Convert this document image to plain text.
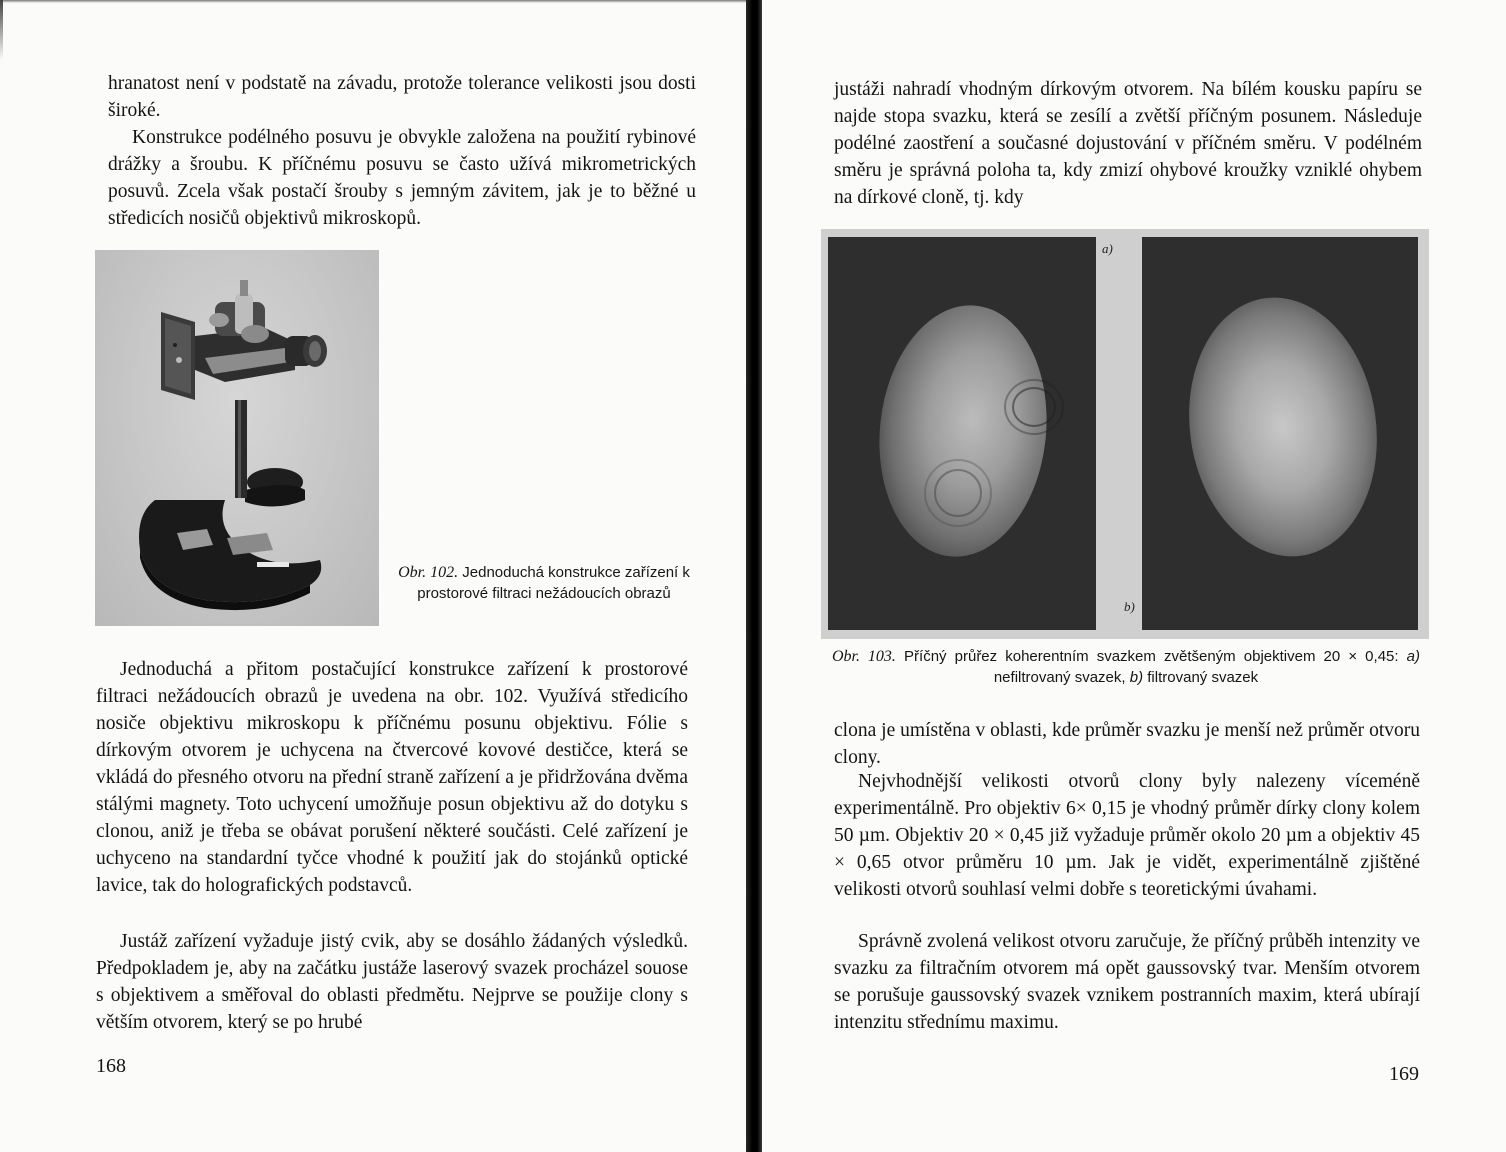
hranatost není v podstatě na závadu, protože tolerance velikosti jsou dosti široké.

Konstrukce podélného posuvu je obvykle založena na použití rybinové drážky a šroubu. K příčnému posuvu se často užívá mikrometrických posuvů. Zcela však postačí šrouby s jemným závitem, jak je to běžné u středicích nosičů objektivů mikroskopů.

Obr. 102. Jednoduchá konstrukce zařízení k prostorové filtraci nežádoucích obrazů

Jednoduchá a přitom postačující konstrukce zařízení k prostorové filtraci nežádoucích obrazů je uvedena na obr. 102. Využívá středicího nosiče objektivu mikroskopu k příčnému posunu objektivu. Fólie s dírkovým otvorem je uchycena na čtvercové kovové destičce, která se vkládá do přesného otvoru na přední straně zařízení a je přidržována dvěma stálými magnety. Toto uchycení umožňuje posun objektivu až do dotyku s clonou, aniž je třeba se obávat porušení některé součásti. Celé zařízení je uchyceno na standardní tyčce vhodné k použití jak do stojánků optické lavice, tak do holografických podstavců.

Justáž zařízení vyžaduje jistý cvik, aby se dosáhlo žádaných výsledků. Předpokladem je, aby na začátku justáže laserový svazek procházel souose s objektivem a směřoval do oblasti předmětu. Nejprve se použije clony s větším otvorem, který se po hrubé

168

justáži nahradí vhodným dírkovým otvorem. Na bílém kousku papíru se najde stopa svazku, která se zesílí a zvětší příčným posunem. Následuje podélné zaostření a současné dojustování v příčném směru. V podélném směru je správná poloha ta, kdy zmizí ohybové kroužky vzniklé ohybem na dírkové cloně, tj. kdy

a)
b)

Obr. 103. Příčný průřez koherentním svazkem zvětšeným objektivem 20 × 0,45: a) nefiltrovaný svazek, b) filtrovaný svazek

clona je umístěna v oblasti, kde průměr svazku je menší než průměr otvoru clony.

Nejvhodnější velikosti otvorů clony byly nalezeny víceméně experimentálně. Pro objektiv 6× 0,15 je vhodný průměr dírky clony kolem 50 µm. Objektiv 20 × 0,45 již vyžaduje průměr okolo 20 µm a objektiv 45 × 0,65 otvor průměru 10 µm. Jak je vidět, experimentálně zjištěné velikosti otvorů souhlasí velmi dobře s teoretickými úvahami.

Správně zvolená velikost otvoru zaručuje, že příčný průběh intenzity ve svazku za filtračním otvorem má opět gaussovský tvar. Menším otvorem se porušuje gaussovský svazek vznikem postranních maxim, která ubírají intenzitu střednímu maximu.

169
